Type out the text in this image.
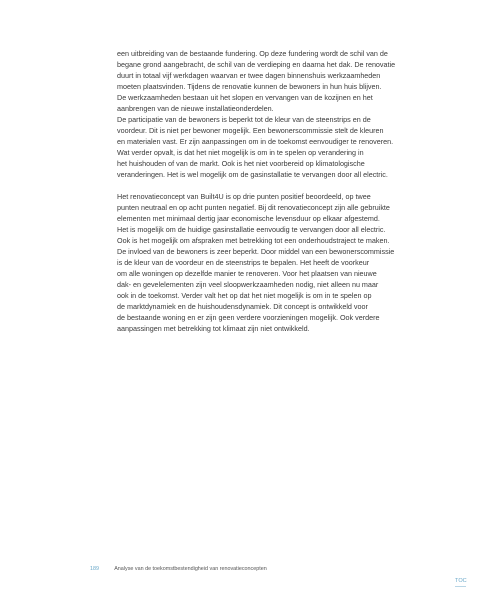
een uitbreiding van de bestaande fundering. Op deze fundering wordt de schil van de

begane grond aangebracht, de schil van de verdieping en daarna het dak. De renovatie

duurt in totaal vijf werkdagen waarvan er twee dagen binnenshuis werkzaamheden

moeten plaatsvinden. Tijdens de renovatie kunnen de bewoners in hun huis blijven.

De werkzaamheden bestaan uit het slopen en vervangen van de kozijnen en het

aanbrengen van de nieuwe installatieonderdelen.

De participatie van de bewoners is beperkt tot de kleur van de steenstrips en de

voordeur. Dit is niet per bewoner mogelijk. Een bewonerscommissie stelt de kleuren

en materialen vast. Er zijn aanpassingen om in de toekomst eenvoudiger te renoveren.

Wat verder opvalt, is dat het niet mogelijk is om in te spelen op verandering in

het huishouden of van de markt. Ook is het niet voorbereid op klimatologische

veranderingen. Het is wel mogelijk om de gasinstallatie te vervangen door all electric.

Het renovatieconcept van Built4U is op drie punten positief beoordeeld, op twee

punten neutraal en op acht punten negatief. Bij dit renovatieconcept zijn alle gebruikte

elementen met minimaal dertig jaar economische levensduur op elkaar afgestemd.

Het is mogelijk om de huidige gasinstallatie eenvoudig te vervangen door all electric.

Ook is het mogelijk om afspraken met betrekking tot een onderhoudstraject te maken.

De invloed van de bewoners is zeer beperkt. Door middel van een bewonerscommissie

is de kleur van de voordeur en de steenstrips te bepalen. Het heeft de voorkeur

om alle woningen op dezelfde manier te renoveren. Voor het plaatsen van nieuwe

dak- en gevelelementen zijn veel sloopwerkzaamheden nodig, niet alleen nu maar

ook in de toekomst. Verder valt het op dat het niet mogelijk is om in te spelen op

de marktdynamiek en de huishoudensdynamiek. Dit concept is ontwikkeld voor

de bestaande woning en er zijn geen verdere voorzieningen mogelijk. Ook verdere

aanpassingen met betrekking tot klimaat zijn niet ontwikkeld.

189	Analyse van de toekomstbestendigheid van renovatieconcepten
TOC
